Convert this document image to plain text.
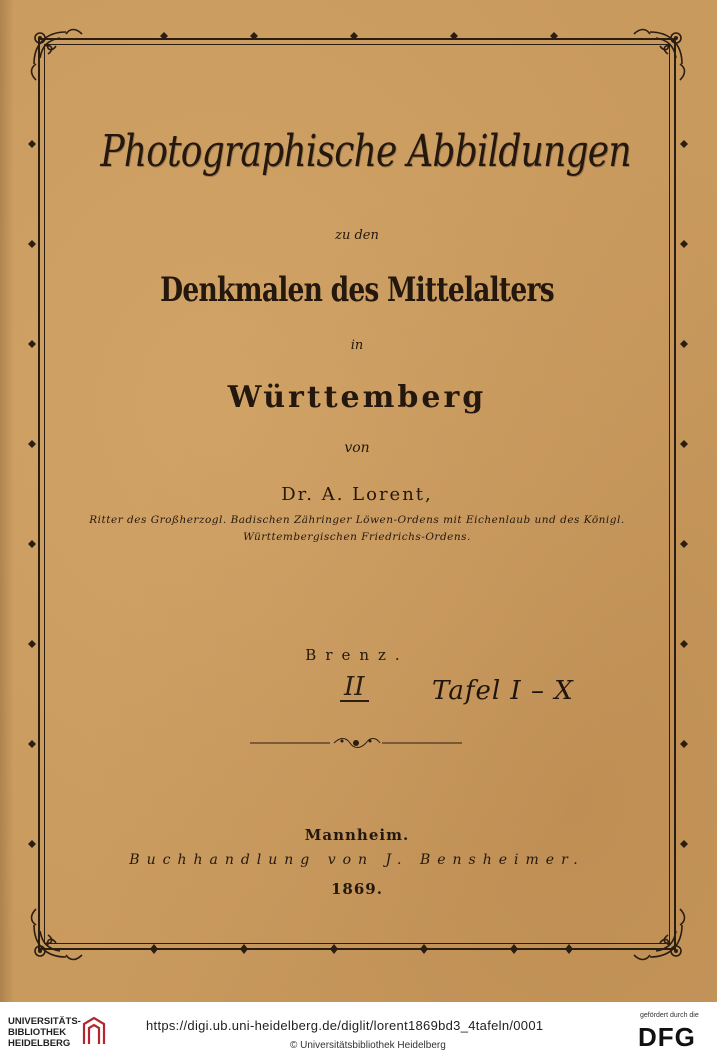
Photographische Abbildungen
zu den
Denkmalen des Mittelalters
in
Württemberg
von
Dr. A. Lorent,
Ritter des Großherzogl. Badischen Zähringer Löwen-Ordens mit Eichenlaub und des Königl.
Württembergischen Friedrichs-Ordens.
Brenz.
II	Tafel I – X
Mannheim.
Buchhandlung von J. Bensheimer.
1869.
UNIVERSITÄTS-
BIBLIOTHEK
HEIDELBERG
https://digi.ub.uni-heidelberg.de/diglit/lorent1869bd3_4tafeln/0001
© Universitätsbibliothek Heidelberg
gefördert durch die
DFG
